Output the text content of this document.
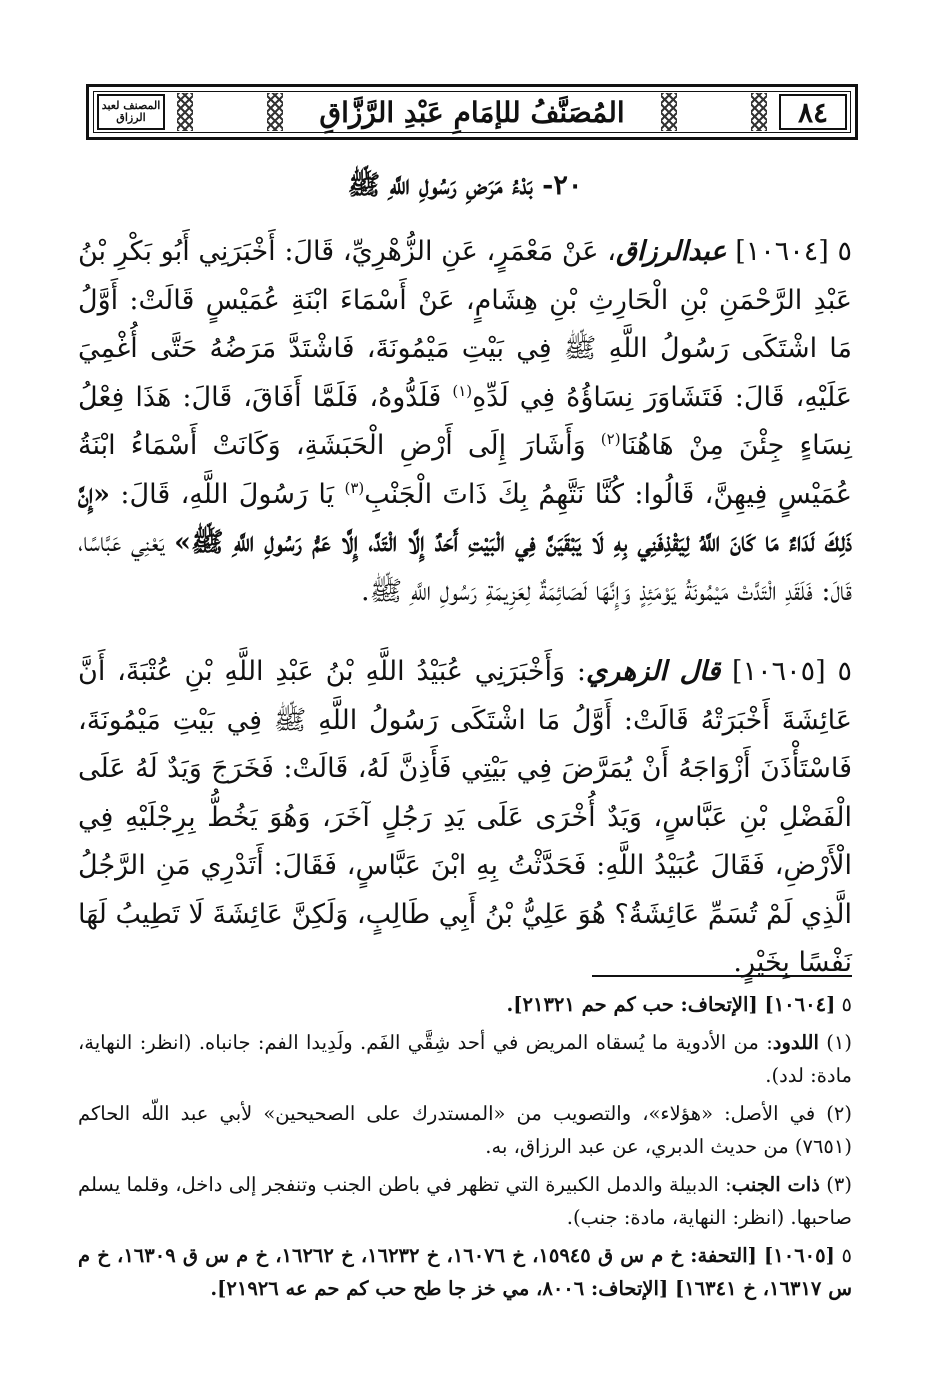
٨٤
المُصَنَّفُ للإمَامِ عَبْدِ الرَّزَّاقِ
المصنف لعبد الرزاق
٢٠- بَدْءُ مَرَضِ رَسُولِ اللَّهِ ﷺ
٥ [١٠٦٠٤] عبدالرزاق، عَنْ مَعْمَرٍ، عَنِ الزُّهْرِيِّ، قَالَ: أَخْبَرَنِي أَبُو بَكْرِ بْنُ عَبْدِ الرَّحْمَنِ بْنِ الْحَارِثِ بْنِ هِشَامٍ، عَنْ أَسْمَاءَ ابْنَةِ عُمَيْسٍ قَالَتْ: أَوَّلُ مَا اشْتَكَى رَسُولُ اللَّهِ ﷺ فِي بَيْتِ مَيْمُونَةَ، فَاشْتَدَّ مَرَضُهُ حَتَّى أُغْمِيَ عَلَيْهِ، قَالَ: فَتَشَاوَرَ نِسَاؤُهُ فِي لَدِّهِ$^{(١)}$ فَلَدُّوهُ، فَلَمَّا أَفَاقَ، قَالَ: هَذَا فِعْلُ نِسَاءٍ جِئْنَ مِنْ هَاهُنَا$^{(٢)}$ وَأَشَارَ إِلَى أَرْضِ الْحَبَشَةِ، وَكَانَتْ أَسْمَاءُ ابْنَةُ عُمَيْسٍ فِيهِنَّ، قَالُوا: كُنَّا نَتَّهِمُ بِكَ ذَاتَ الْجَنْبِ$^{(٣)}$ يَا رَسُولَ اللَّهِ، قَالَ: «إِنَّ ذَلِكَ لَدَاءٌ مَا كَانَ اللَّهُ لِيَقْذِفَنِي بِهِ لَا يَبْقَيَنَّ فِي الْبَيْتِ أَحَدٌ إِلَّا الْتَدَّ، إِلَّا عَمُّ رَسُولِ اللَّهِ ﷺ» يَعْنِي عَبَّاسًا، قَالَ: فَلَقَدِ الْتَدَّتْ مَيْمُونَةُ يَوْمَئِذٍ وَإِنَّهَا لَصَائِمَةٌ لِعَزِيمَةِ رَسُولِ اللَّهِ ﷺ.
٥ [١٠٦٠٥] قال الزهري: وَأَخْبَرَنِي عُبَيْدُ اللَّهِ بْنُ عَبْدِ اللَّهِ بْنِ عُتْبَةَ، أَنَّ عَائِشَةَ أَخْبَرَتْهُ قَالَتْ: أَوَّلُ مَا اشْتَكَى رَسُولُ اللَّهِ ﷺ فِي بَيْتِ مَيْمُونَةَ، فَاسْتَأْذَنَ أَزْوَاجَهُ أَنْ يُمَرَّضَ فِي بَيْتِي فَأَذِنَّ لَهُ، قَالَتْ: فَخَرَجَ وَيَدٌ لَهُ عَلَى الْفَضْلِ بْنِ عَبَّاسٍ، وَيَدٌ أُخْرَى عَلَى يَدِ رَجُلٍ آخَرَ، وَهُوَ يَخُطُّ بِرِجْلَيْهِ فِي الْأَرْضِ، فَقَالَ عُبَيْدُ اللَّهِ: فَحَدَّثْتُ بِهِ ابْنَ عَبَّاسٍ، فَقَالَ: أَتَدْرِي مَنِ الرَّجُلُ الَّذِي لَمْ تُسَمِّ عَائِشَةُ؟ هُوَ عَلِيُّ بْنُ أَبِي طَالِبٍ، وَلَكِنَّ عَائِشَةَ لَا تَطِيبُ لَهَا نَفْسًا بِخَيْرٍ.

٥ [١٠٦٠٤] [الإتحاف: حب كم حم ٢١٣٢١].

(١) اللدود: من الأدوية ما يُسقاه المريض في أحد شِقَّي الفَم. ولَدِيدا الفم: جانباه. (انظر: النهاية، مادة: لدد).

(٢) في الأصل: «هؤلاء»، والتصويب من «المستدرك على الصحيحين» لأبي عبد اللّه الحاكم (٧٦٥١) من حديث الدبري، عن عبد الرزاق، به.

(٣) ذات الجنب: الدبيلة والدمل الكبيرة التي تظهر في باطن الجنب وتنفجر إلى داخل، وقلما يسلم صاحبها. (انظر: النهاية، مادة: جنب).

٥ [١٠٦٠٥] [التحفة: خ م س ق ١٥٩٤٥، خ ١٦٠٧٦، خ ١٦٢٣٢، خ ١٦٢٦٢، خ م س ق ١٦٣٠٩، خ م س ١٦٣١٧، خ ١٦٣٤١] [الإتحاف: ٨٠٠٦، مي خز جا طح حب كم حم عه ٢١٩٢٦].
